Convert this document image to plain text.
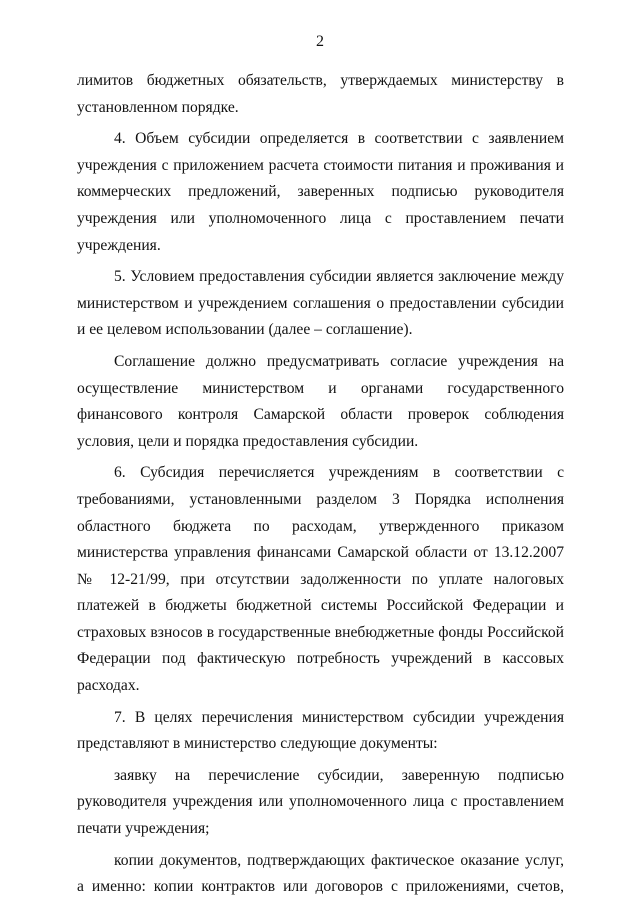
2

лимитов бюджетных обязательств, утверждаемых министерству в установленном порядке.

4. Объем субсидии определяется в соответствии с заявлением учреждения с приложением расчета стоимости питания и проживания и коммерческих предложений, заверенных подписью руководителя учреждения или уполномоченного лица с проставлением печати учреждения.

5. Условием предоставления субсидии является заключение между министерством и учреждением соглашения о предоставлении субсидии и ее целевом использовании (далее – соглашение).

Соглашение должно предусматривать согласие учреждения на осуществление министерством и органами государственного финансового контроля Самарской области проверок соблюдения условия, цели и порядка предоставления субсидии.

6. Субсидия перечисляется учреждениям в соответствии с требованиями, установленными разделом 3 Порядка исполнения областного бюджета по расходам, утвержденного приказом министерства управления финансами Самарской области от 13.12.2007 № 12-21/99, при отсутствии задолженности по уплате налоговых платежей в бюджеты бюджетной системы Российской Федерации и страховых взносов в государственные внебюджетные фонды Российской Федерации под фактическую потребность учреждений в кассовых расходах.

7. В целях перечисления министерством субсидии учреждения представляют в министерство следующие документы:

заявку на перечисление субсидии, заверенную подписью руководителя учреждения или уполномоченного лица с проставлением печати учреждения;

копии документов, подтверждающих фактическое оказание услуг, а именно: копии контрактов или договоров с приложениями, счетов,
